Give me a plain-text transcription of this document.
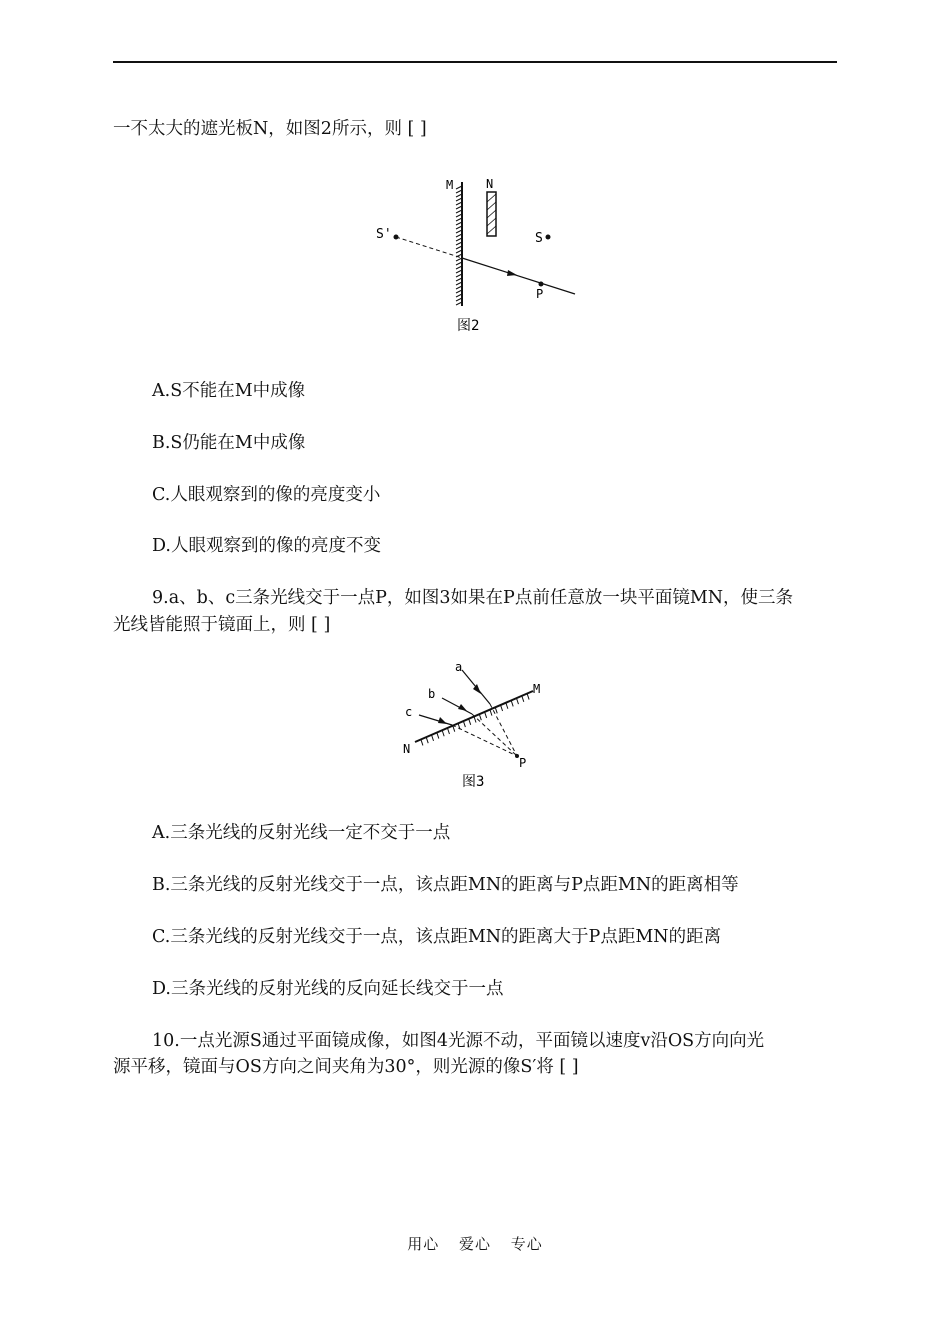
一不太大的遮光板N，如图2所示，则 [ ]
M	N
S'	S
P
图2
A.S不能在M中成像
B.S仍能在M中成像
C.人眼观察到的像的亮度变小
D.人眼观察到的像的亮度不变
9.a、b、c三条光线交于一点P，如图3如果在P点前任意放一块平面镜MN，使三条
光线皆能照于镜面上，则 [ ]
a
b
c
M
N
P
图3
A.三条光线的反射光线一定不交于一点
B.三条光线的反射光线交于一点，该点距MN的距离与P点距MN的距离相等
C.三条光线的反射光线交于一点，该点距MN的距离大于P点距MN的距离
D.三条光线的反射光线的反向延长线交于一点
10.一点光源S通过平面镜成像，如图4光源不动，平面镜以速度v沿OS方向向光
源平移，镜面与OS方向之间夹角为30°，则光源的像S′将 [ ]
用心 爱心 专心
